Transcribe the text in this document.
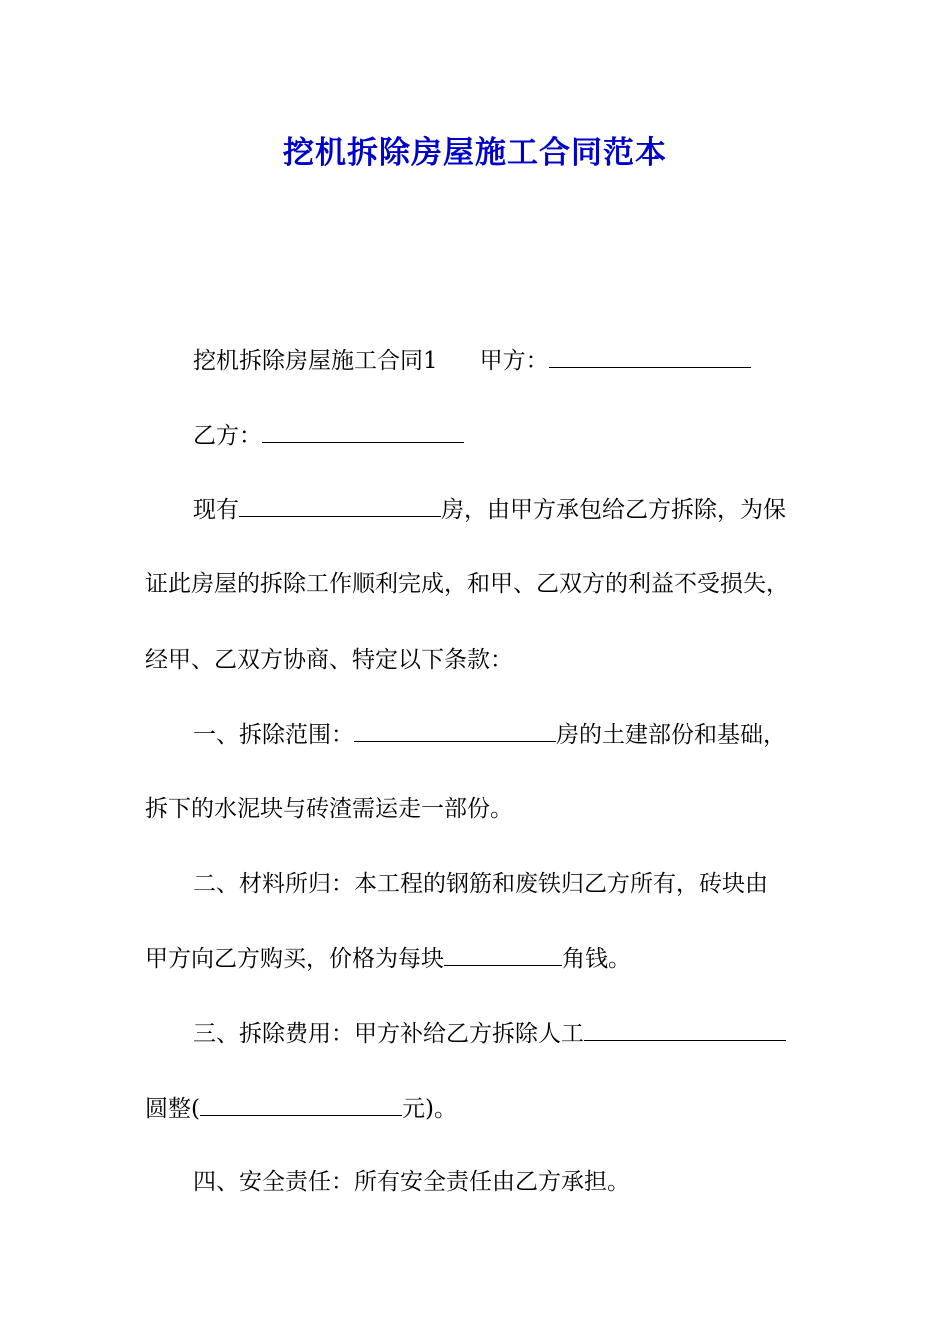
挖机拆除房屋施工合同范本
挖机拆除房屋施工合同1 甲方：
乙方：
现有	房，由甲方承包给乙方拆除，为保
证此房屋的拆除工作顺利完成，和甲、乙双方的利益不受损失，
经甲、乙双方协商、特定以下条款：
一、拆除范围：	房的土建部份和基础，
拆下的水泥块与砖渣需运走一部份。
二、材料所归：本工程的钢筋和废铁归乙方所有，砖块由
甲方向乙方购买，价格为每块	角钱。
三、拆除费用：甲方补给乙方拆除人工
圆整(	元)。
四、安全责任：所有安全责任由乙方承担。
